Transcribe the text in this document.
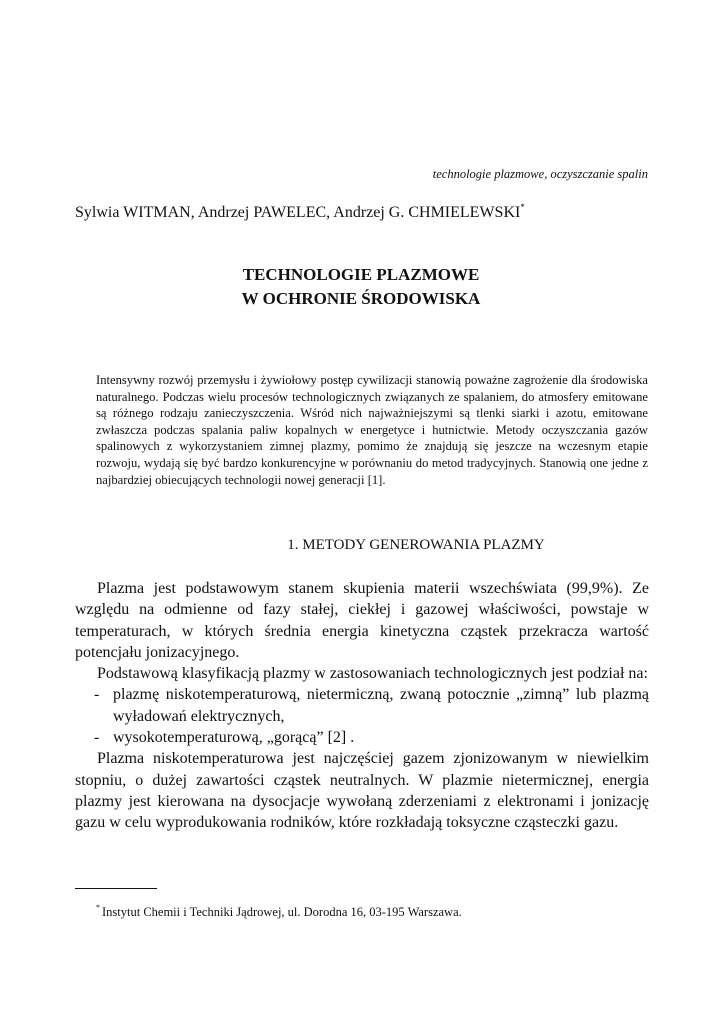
technologie plazmowe, oczyszczanie spalin
Sylwia WITMAN, Andrzej PAWELEC, Andrzej G. CHMIELEWSKI*
TECHNOLOGIE PLAZMOWE
W OCHRONIE ŚRODOWISKA

Intensywny rozwój przemysłu i żywiołowy postęp cywilizacji stanowią poważne zagrożenie dla środowiska naturalnego. Podczas wielu procesów technologicznych związanych ze spalaniem, do atmosfery emitowane są różnego rodzaju zanieczyszczenia. Wśród nich najważniejszymi są tlenki siarki i azotu, emitowane zwłaszcza podczas spalania paliw kopalnych w energetyce i hutnictwie. Metody oczyszczania gazów spalinowych z wykorzystaniem zimnej plazmy, pomimo że znajdują się jeszcze na wczesnym etapie rozwoju, wydają się być bardzo konkurencyjne w porównaniu do metod tradycyjnych. Stanowią one jedne z najbardziej obiecujących technologii nowej generacji [1].

1. METODY GENEROWANIA PLAZMY

Plazma jest podstawowym stanem skupienia materii wszechświata (99,9%). Ze względu na odmienne od fazy stałej, ciekłej i gazowej właściwości, powstaje w temperaturach, w których średnia energia kinetyczna cząstek przekracza wartość potencjału jonizacyjnego.

Podstawową klasyfikacją plazmy w zastosowaniach technologicznych jest podział na:

- plazmę niskotemperaturową, nietermiczną, zwaną potocznie „zimną” lub plazmą wyładowań elektrycznych,
- wysokotemperaturową, „gorącą” [2] .

Plazma niskotemperaturowa jest najczęściej gazem zjonizowanym w niewielkim stopniu, o dużej zawartości cząstek neutralnych. W plazmie nietermicznej, energia plazmy jest kierowana na dysocjacje wywołaną zderzeniami z elektronami i jonizację gazu w celu wyprodukowania rodników, które rozkładają toksyczne cząsteczki gazu.

* Instytut Chemii i Techniki Jądrowej, ul. Dorodna 16, 03-195 Warszawa.
